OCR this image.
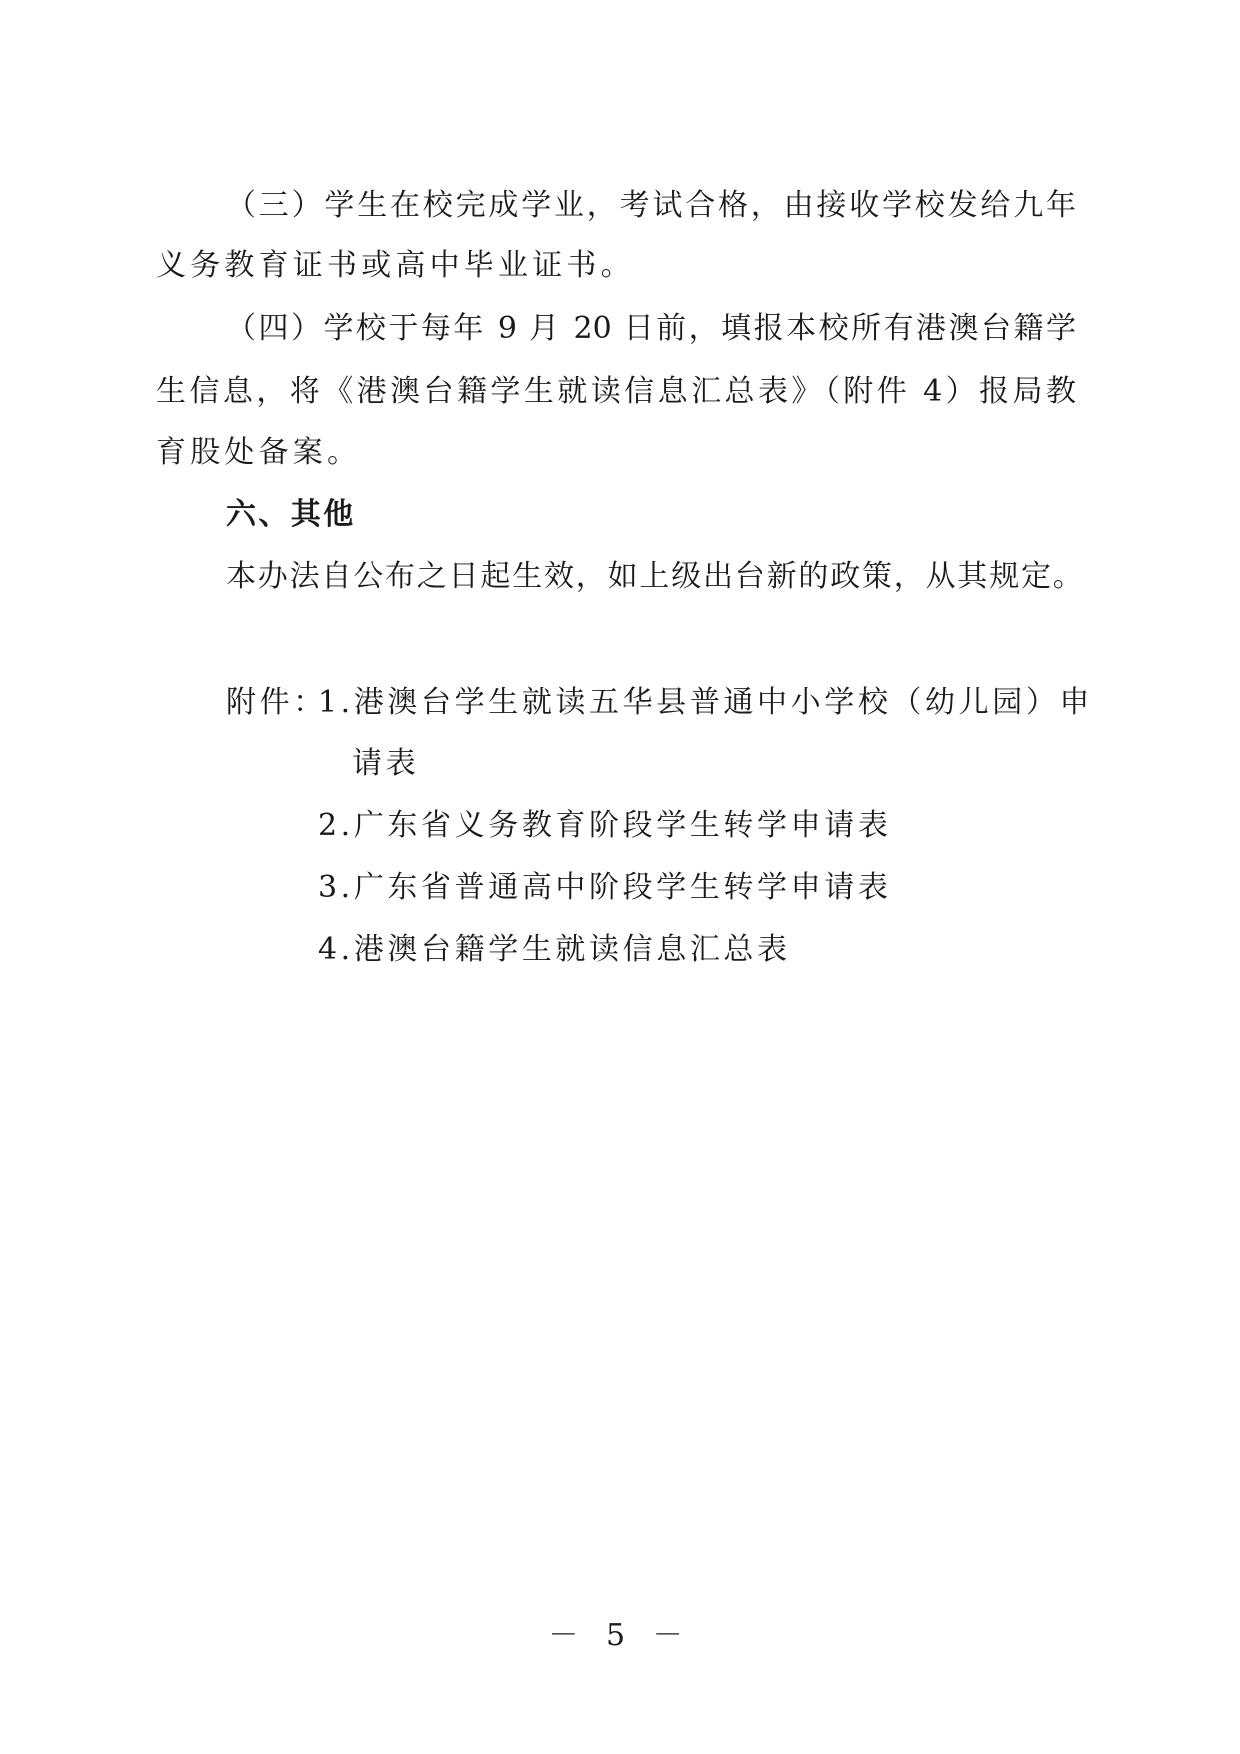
（三）学生在校完成学业，考试合格，由接收学校发给九年
义务教育证书或高中毕业证书。
（四）学校于每年 9 月 20 日前，填报本校所有港澳台籍学
生信息，将《港澳台籍学生就读信息汇总表》（附件 4）报局教
育股处备案。
六、其他
本办法自公布之日起生效，如上级出台新的政策，从其规定。
附件：
1.港澳台学生就读五华县普通中小学校（幼儿园）申
请表
2.广东省义务教育阶段学生转学申请表
3.广东省普通高中阶段学生转学申请表
4.港澳台籍学生就读信息汇总表
－ 5 －
